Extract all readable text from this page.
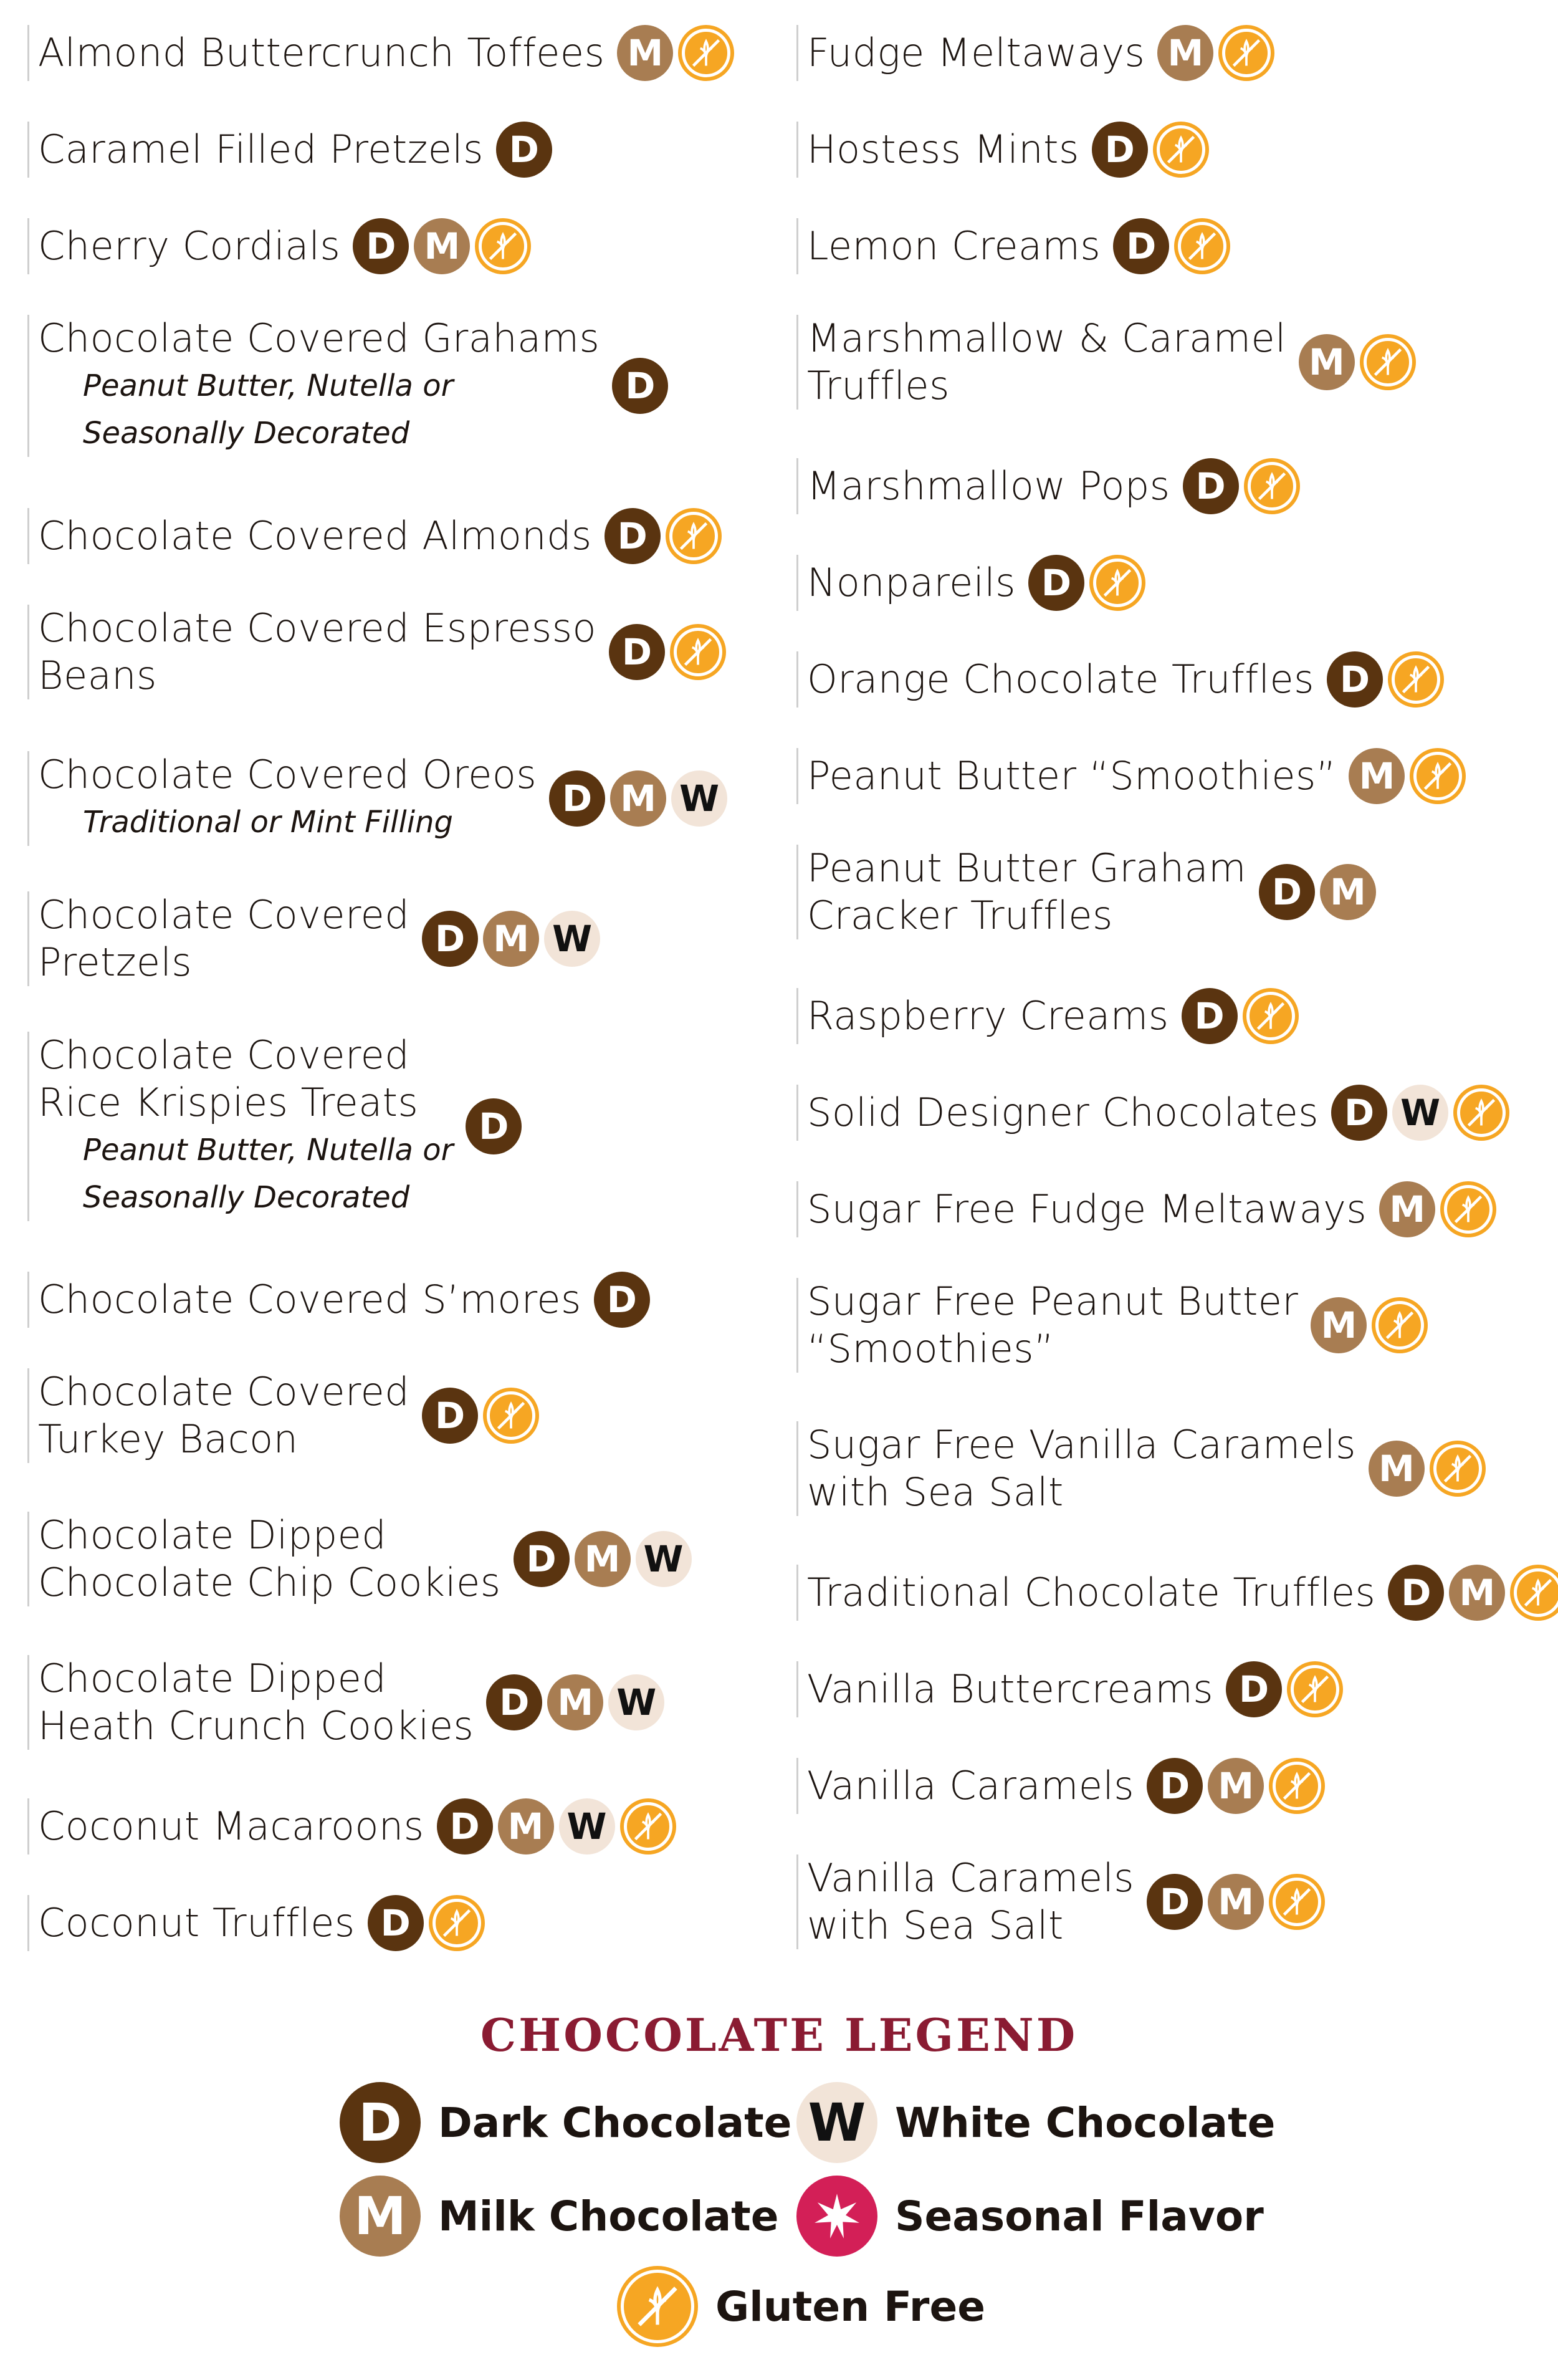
Almond Buttercrunch Toffees M
Caramel Filled Pretzels D
Cherry Cordials D M
Chocolate Covered Grahams
Peanut Butter, Nutella or
Seasonally Decorated
D
Chocolate Covered Almonds D
Chocolate Covered Espresso
Beans
D
Chocolate Covered Oreos
Traditional or Mint Filling
D M W
Chocolate Covered
Pretzels
D M W
Chocolate Covered
Rice Krispies Treats
Peanut Butter, Nutella or
Seasonally Decorated
D
Chocolate Covered S’mores D
Chocolate Covered
Turkey Bacon
D
Chocolate Dipped
Chocolate Chip Cookies
D M W
Chocolate Dipped
Heath Crunch Cookies
D M W
Coconut Macaroons D M W
Coconut Truffles D
Fudge Meltaways M
Hostess Mints D
Lemon Creams D
Marshmallow & Caramel
Truffles
M
Marshmallow Pops D
Nonpareils D
Orange Chocolate Truffles D
Peanut Butter “Smoothies” M
Peanut Butter Graham
Cracker Truffles
D M
Raspberry Creams D
Solid Designer Chocolates D W
Sugar Free Fudge Meltaways M
Sugar Free Peanut Butter
“Smoothies”
M
Sugar Free Vanilla Caramels
with Sea Salt
M
Traditional Chocolate Truffles D M
Vanilla Buttercreams D
Vanilla Caramels D M
Vanilla Caramels
with Sea Salt
D M
CHOCOLATE LEGEND
D Dark Chocolate W White Chocolate
M Milk Chocolate	Seasonal Flavor
Gluten Free
